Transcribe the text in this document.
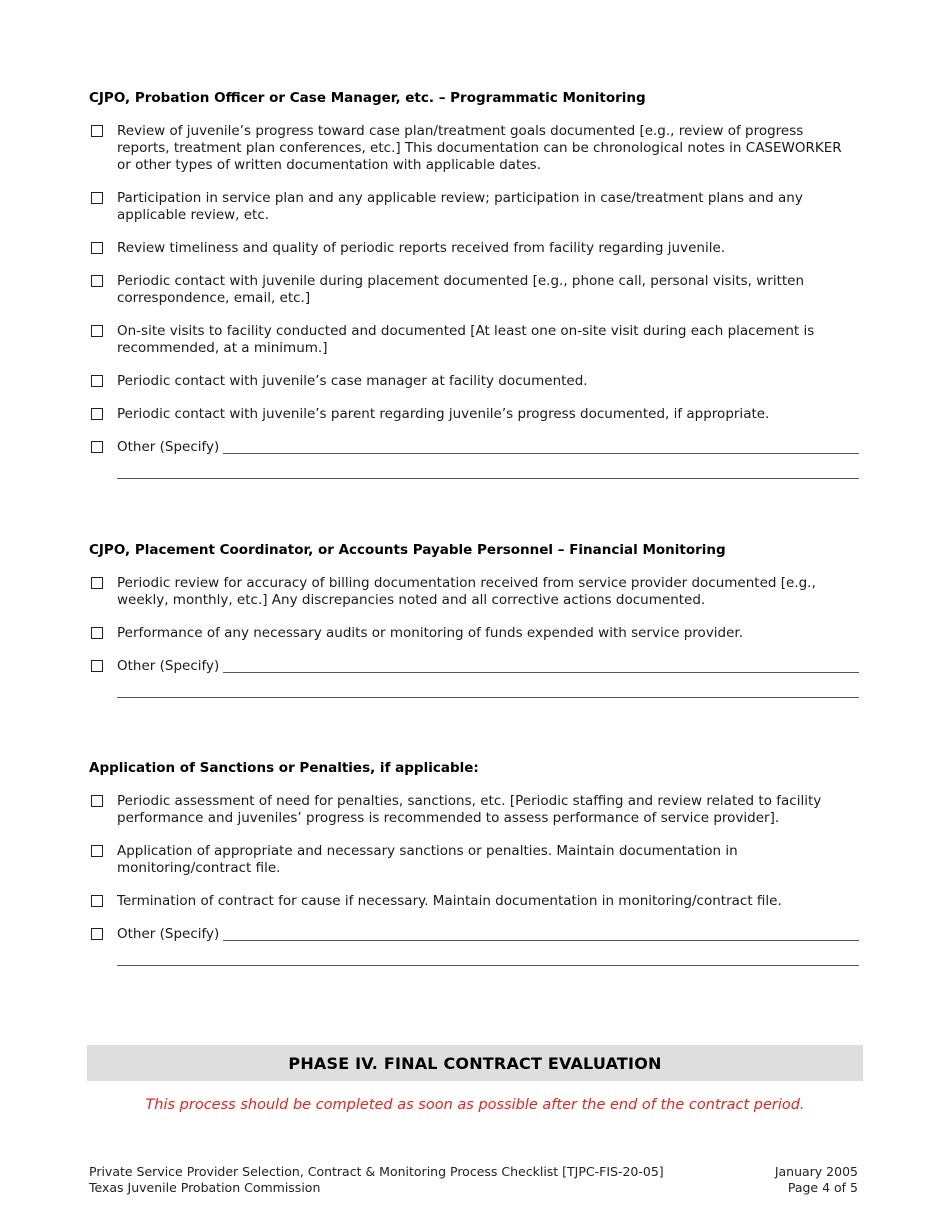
CJPO, Probation Officer or Case Manager, etc. – Programmatic Monitoring
Review of juvenile’s progress toward case plan/treatment goals documented [e.g., review of progress reports, treatment plan conferences, etc.] This documentation can be chronological notes in CASEWORKER or other types of written documentation with applicable dates.
Participation in service plan and any applicable review; participation in case/treatment plans and any applicable review, etc.
Review timeliness and quality of periodic reports received from facility regarding juvenile.
Periodic contact with juvenile during placement documented [e.g., phone call, personal visits, written correspondence, email, etc.]
On-site visits to facility conducted and documented [At least one on-site visit during each placement is recommended, at a minimum.]
Periodic contact with juvenile’s case manager at facility documented.
Periodic contact with juvenile’s parent regarding juvenile’s progress documented, if appropriate.
Other (Specify)
CJPO, Placement Coordinator, or Accounts Payable Personnel – Financial Monitoring
Periodic review for accuracy of billing documentation received from service provider documented [e.g., weekly, monthly, etc.] Any discrepancies noted and all corrective actions documented.
Performance of any necessary audits or monitoring of funds expended with service provider.
Other (Specify)
Application of Sanctions or Penalties, if applicable:
Periodic assessment of need for penalties, sanctions, etc. [Periodic staffing and review related to facility performance and juveniles’ progress is recommended to assess performance of service provider].
Application of appropriate and necessary sanctions or penalties. Maintain documentation in monitoring/contract file.
Termination of contract for cause if necessary. Maintain documentation in monitoring/contract file.
Other (Specify)
PHASE IV. FINAL CONTRACT EVALUATION
This process should be completed as soon as possible after the end of the contract period.
Private Service Provider Selection, Contract & Monitoring Process Checklist [TJPC-FIS-20-05]
Texas Juvenile Probation Commission
January 2005
Page 4 of 5
